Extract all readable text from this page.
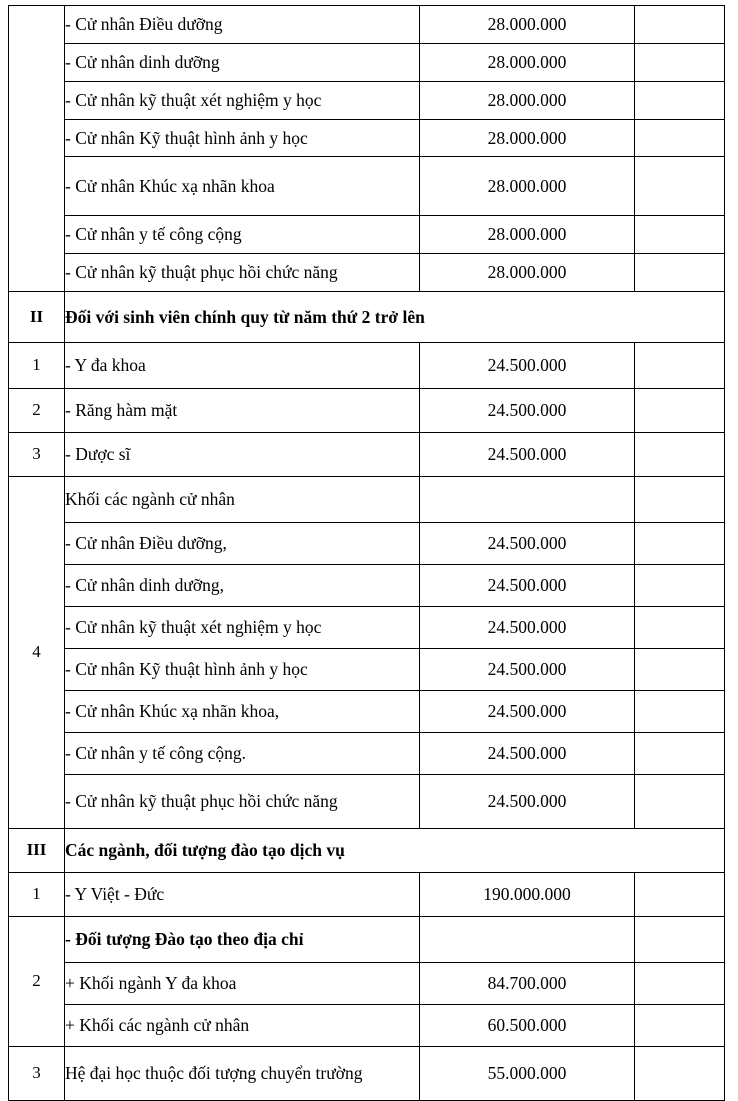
	- Cử nhân Điều dưỡng	28.000.000	
	- Cử nhân dinh dưỡng	28.000.000	
	- Cử nhân kỹ thuật xét nghiệm y học	28.000.000	
	- Cử nhân Kỹ thuật hình ảnh y học	28.000.000	
	- Cử nhân Khúc xạ nhãn khoa	28.000.000	
	- Cử nhân y tế công cộng	28.000.000	
	- Cử nhân kỹ thuật phục hồi chức năng	28.000.000	
II	Đối với sinh viên chính quy từ năm thứ 2 trở lên		
1	- Y đa khoa	24.500.000	
2	- Răng hàm mặt	24.500.000	
3	- Dược sĩ	24.500.000	
4	Khối các ngành cử nhân		
	- Cử nhân Điều dưỡng,	24.500.000	
	- Cử nhân dinh dưỡng,	24.500.000	
	- Cử nhân kỹ thuật xét nghiệm y học	24.500.000	
	- Cử nhân Kỹ thuật hình ảnh y học	24.500.000	
	- Cử nhân Khúc xạ nhãn khoa,	24.500.000	
	- Cử nhân y tế công cộng.	24.500.000	
	- Cử nhân kỹ thuật phục hồi chức năng	24.500.000	
III	Các ngành, đối tượng đào tạo dịch vụ		
1	- Y Việt - Đức	190.000.000	
2	- Đối tượng Đào tạo theo địa chỉ		
	+ Khối ngành Y đa khoa	84.700.000	
	+ Khối các ngành cử nhân	60.500.000	
3	Hệ đại học thuộc đối tượng chuyển trường	55.000.000	
